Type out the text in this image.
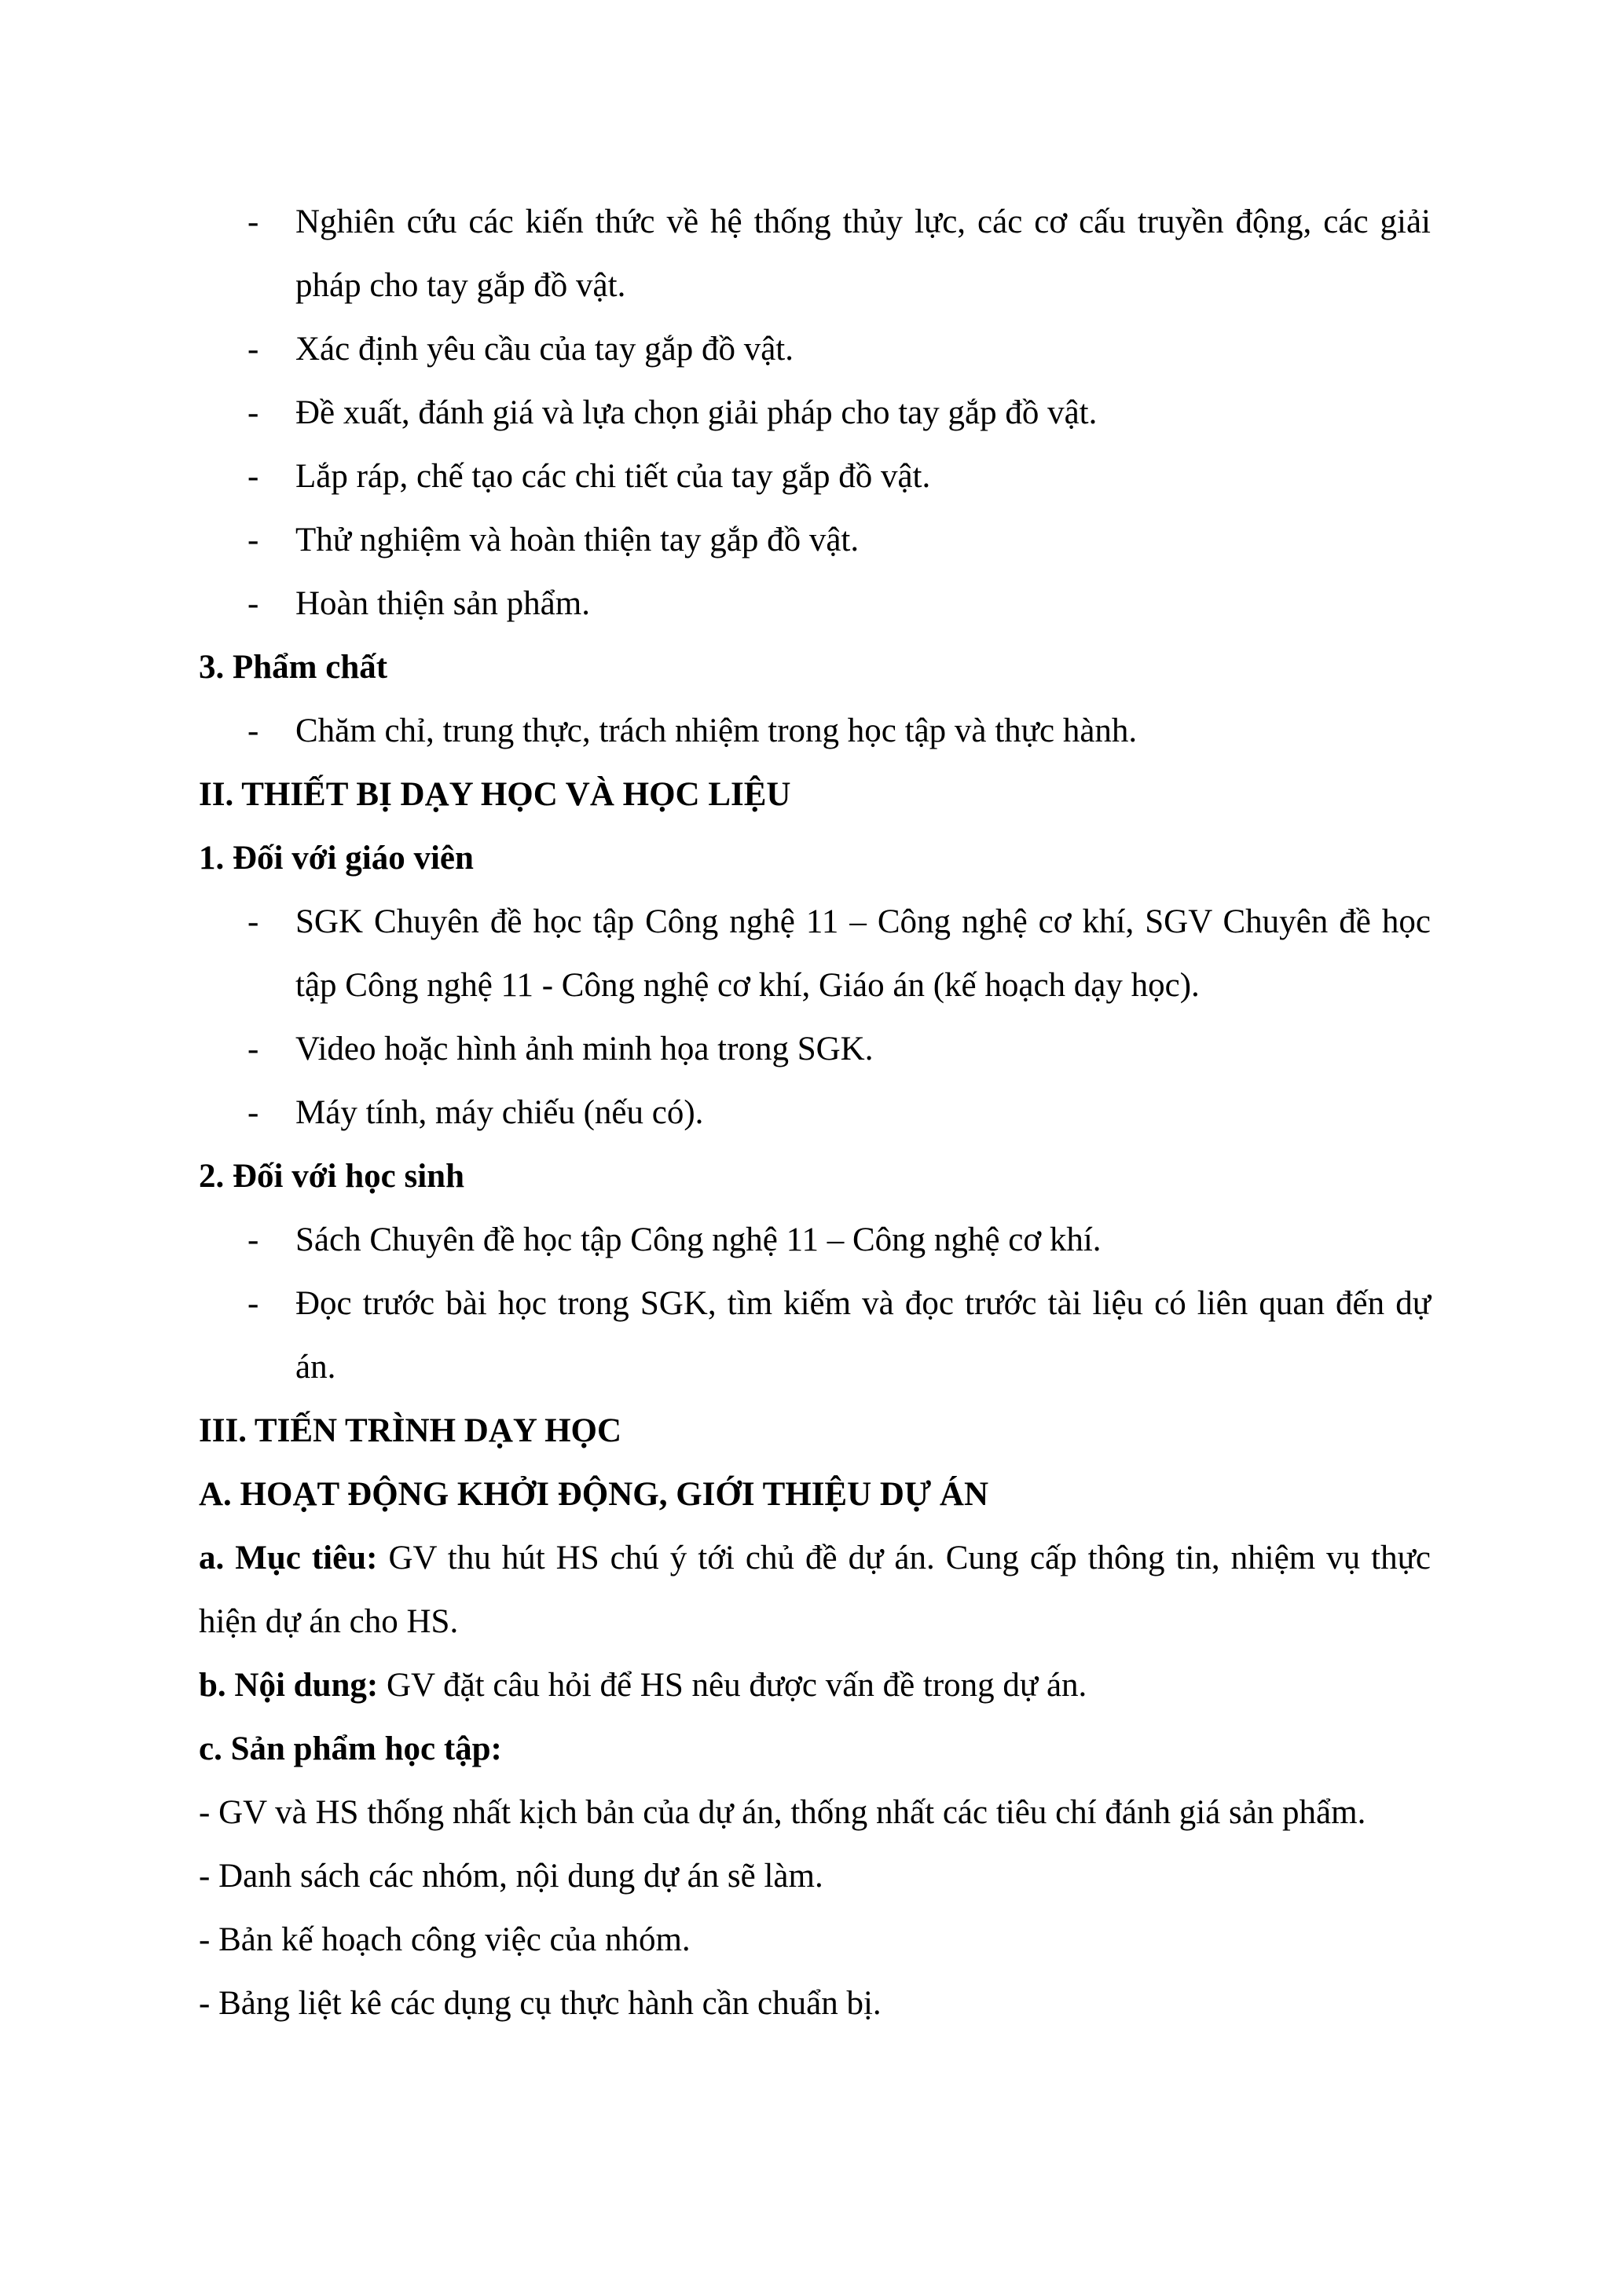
- Nghiên cứu các kiến thức về hệ thống thủy lực, các cơ cấu truyền động, các giải pháp cho tay gắp đồ vật.
- Xác định yêu cầu của tay gắp đồ vật.
- Đề xuất, đánh giá và lựa chọn giải pháp cho tay gắp đồ vật.
- Lắp ráp, chế tạo các chi tiết của tay gắp đồ vật.
- Thử nghiệm và hoàn thiện tay gắp đồ vật.
- Hoàn thiện sản phẩm.
3. Phẩm chất
- Chăm chỉ, trung thực, trách nhiệm trong học tập và thực hành.
II. THIẾT BỊ DẠY HỌC VÀ HỌC LIỆU
1. Đối với giáo viên
- SGK Chuyên đề học tập Công nghệ 11 – Công nghệ cơ khí, SGV Chuyên đề học tập Công nghệ 11 - Công nghệ cơ khí, Giáo án (kế hoạch dạy học).
- Video hoặc hình ảnh minh họa trong SGK.
- Máy tính, máy chiếu (nếu có).
2. Đối với học sinh
- Sách Chuyên đề học tập Công nghệ 11 – Công nghệ cơ khí.
- Đọc trước bài học trong SGK, tìm kiếm và đọc trước tài liệu có liên quan đến dự án.
III. TIẾN TRÌNH DẠY HỌC
A. HOẠT ĐỘNG KHỞI ĐỘNG, GIỚI THIỆU DỰ ÁN
a. Mục tiêu: GV thu hút HS chú ý tới chủ đề dự án. Cung cấp thông tin, nhiệm vụ thực hiện dự án cho HS.
b. Nội dung: GV đặt câu hỏi để HS nêu được vấn đề trong dự án.
c. Sản phẩm học tập:
- GV và HS thống nhất kịch bản của dự án, thống nhất các tiêu chí đánh giá sản phẩm.
- Danh sách các nhóm, nội dung dự án sẽ làm.
- Bản kế hoạch công việc của nhóm.
- Bảng liệt kê các dụng cụ thực hành cần chuẩn bị.
